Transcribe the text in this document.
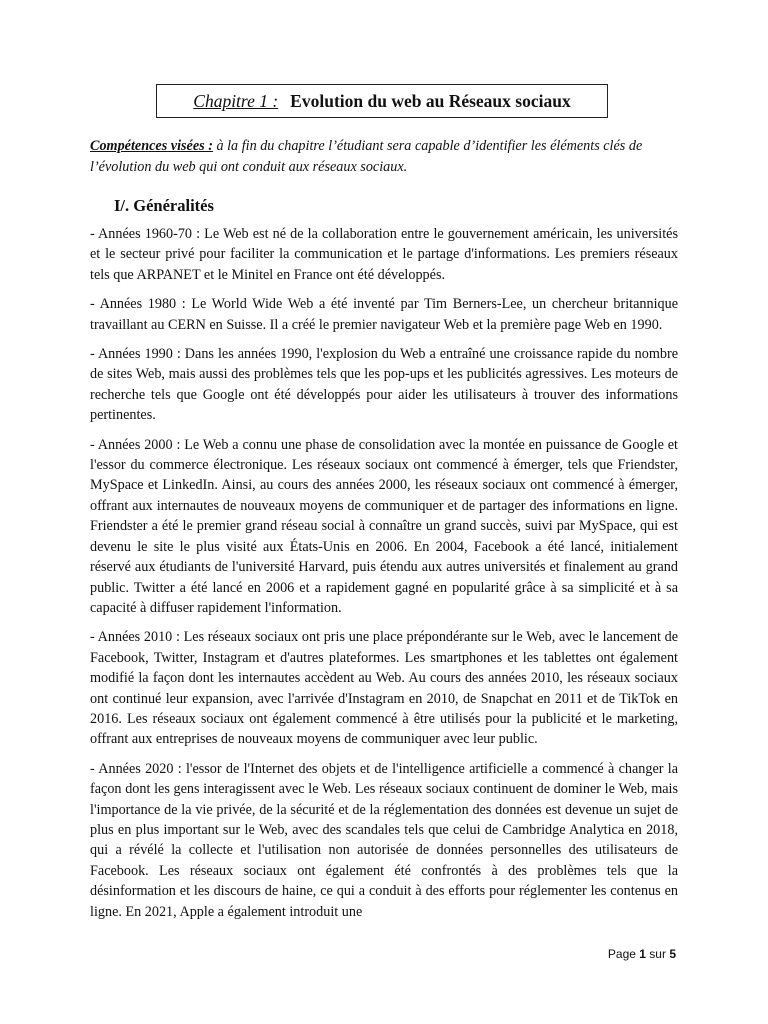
Chapitre 1 : Evolution du web au Réseaux sociaux
Compétences visées : à la fin du chapitre l’étudiant sera capable d’identifier les éléments clés de l’évolution du web qui ont conduit aux réseaux sociaux.
I/. Généralités

- Années 1960-70 : Le Web est né de la collaboration entre le gouvernement américain, les universités et le secteur privé pour faciliter la communication et le partage d'informations. Les premiers réseaux tels que ARPANET et le Minitel en France ont été développés.

- Années 1980 : Le World Wide Web a été inventé par Tim Berners-Lee, un chercheur britannique travaillant au CERN en Suisse. Il a créé le premier navigateur Web et la première page Web en 1990.

- Années 1990 : Dans les années 1990, l'explosion du Web a entraîné une croissance rapide du nombre de sites Web, mais aussi des problèmes tels que les pop-ups et les publicités agressives. Les moteurs de recherche tels que Google ont été développés pour aider les utilisateurs à trouver des informations pertinentes.

- Années 2000 : Le Web a connu une phase de consolidation avec la montée en puissance de Google et l'essor du commerce électronique. Les réseaux sociaux ont commencé à émerger, tels que Friendster, MySpace et LinkedIn. Ainsi, au cours des années 2000, les réseaux sociaux ont commencé à émerger, offrant aux internautes de nouveaux moyens de communiquer et de partager des informations en ligne. Friendster a été le premier grand réseau social à connaître un grand succès, suivi par MySpace, qui est devenu le site le plus visité aux États-Unis en 2006. En 2004, Facebook a été lancé, initialement réservé aux étudiants de l'université Harvard, puis étendu aux autres universités et finalement au grand public. Twitter a été lancé en 2006 et a rapidement gagné en popularité grâce à sa simplicité et à sa capacité à diffuser rapidement l'information.

- Années 2010 : Les réseaux sociaux ont pris une place prépondérante sur le Web, avec le lancement de Facebook, Twitter, Instagram et d'autres plateformes. Les smartphones et les tablettes ont également modifié la façon dont les internautes accèdent au Web. Au cours des années 2010, les réseaux sociaux ont continué leur expansion, avec l'arrivée d'Instagram en 2010, de Snapchat en 2011 et de TikTok en 2016. Les réseaux sociaux ont également commencé à être utilisés pour la publicité et le marketing, offrant aux entreprises de nouveaux moyens de communiquer avec leur public.

- Années 2020 : l'essor de l'Internet des objets et de l'intelligence artificielle a commencé à changer la façon dont les gens interagissent avec le Web. Les réseaux sociaux continuent de dominer le Web, mais l'importance de la vie privée, de la sécurité et de la réglementation des données est devenue un sujet de plus en plus important sur le Web, avec des scandales tels que celui de Cambridge Analytica en 2018, qui a révélé la collecte et l'utilisation non autorisée de données personnelles des utilisateurs de Facebook. Les réseaux sociaux ont également été confrontés à des problèmes tels que la désinformation et les discours de haine, ce qui a conduit à des efforts pour réglementer les contenus en ligne. En 2021, Apple a également introduit une

Page 1 sur 5
